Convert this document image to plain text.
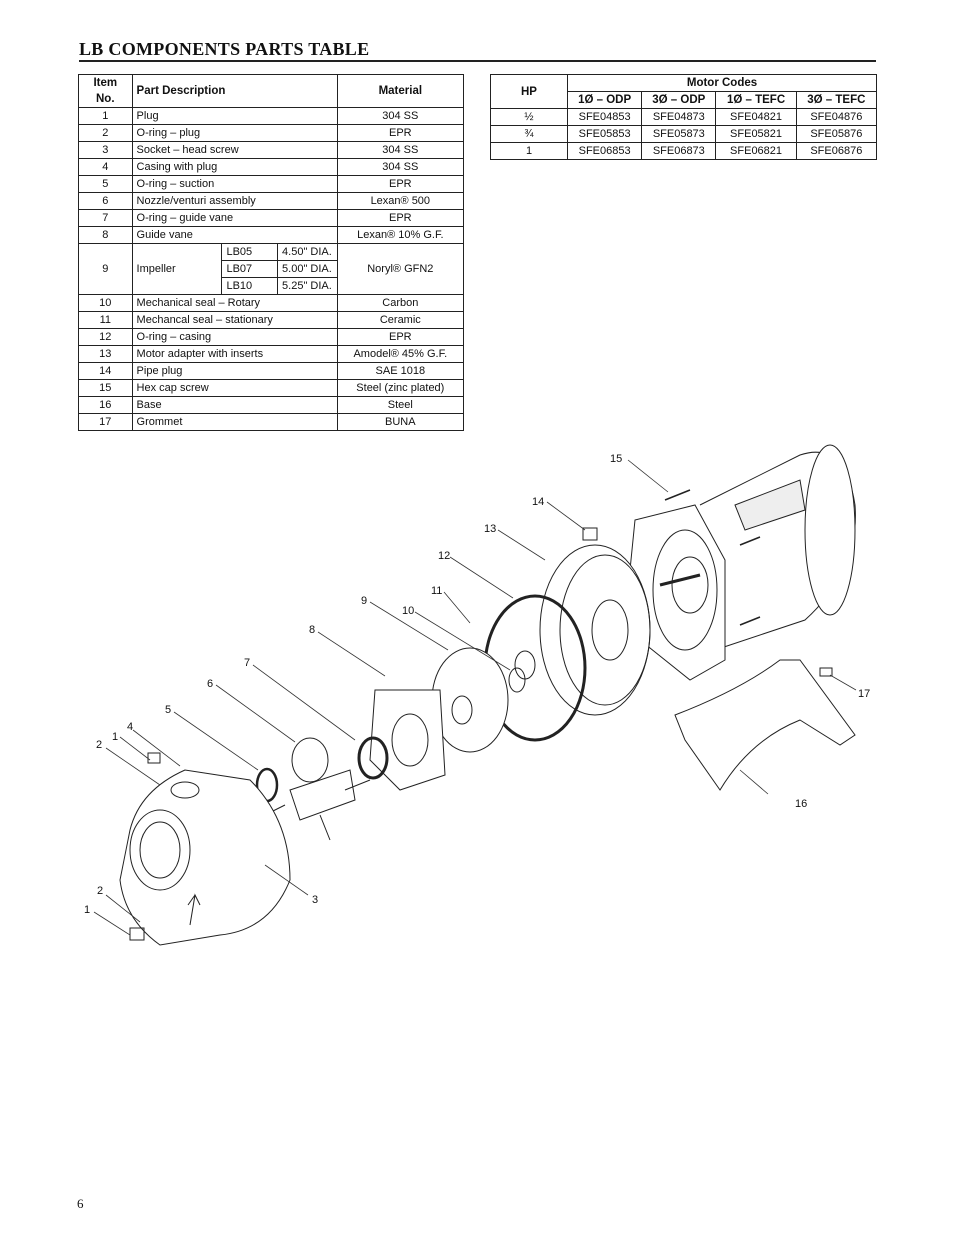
LB COMPONENTS PARTS TABLE
Item No.	Part Description			Material
1	Plug			304 SS
2	O-ring – plug			EPR
3	Socket – head screw			304 SS
4	Casing with plug			304 SS
5	O-ring – suction			EPR
6	Nozzle/venturi assembly			Lexan® 500
7	O-ring – guide vane			EPR
8	Guide vane			Lexan® 10% G.F.
9	Impeller	LB05	4.50" DIA.	Noryl® GFN2
		LB07	5.00" DIA.	
		LB10	5.25" DIA.	
10	Mechanical seal – Rotary			Carbon
11	Mechancal seal – stationary			Ceramic
12	O-ring – casing			EPR
13	Motor adapter with inserts			Amodel® 45% G.F.
14	Pipe plug			SAE 1018
15	Hex cap screw			Steel (zinc plated)
16	Base			Steel
17	Grommet			BUNA
HP	Motor Codes			
	1Ø – ODP	3Ø – ODP	1Ø – TEFC	3Ø – TEFC
½	SFE04853	SFE04873	SFE04821	SFE04876
¾	SFE05853	SFE05873	SFE05821	SFE05876
1	SFE06853	SFE06873	SFE06821	SFE06876
15
14
13
12
11
10
9
8
7
6
5
4
1
2
16
17
3
2
1
6
